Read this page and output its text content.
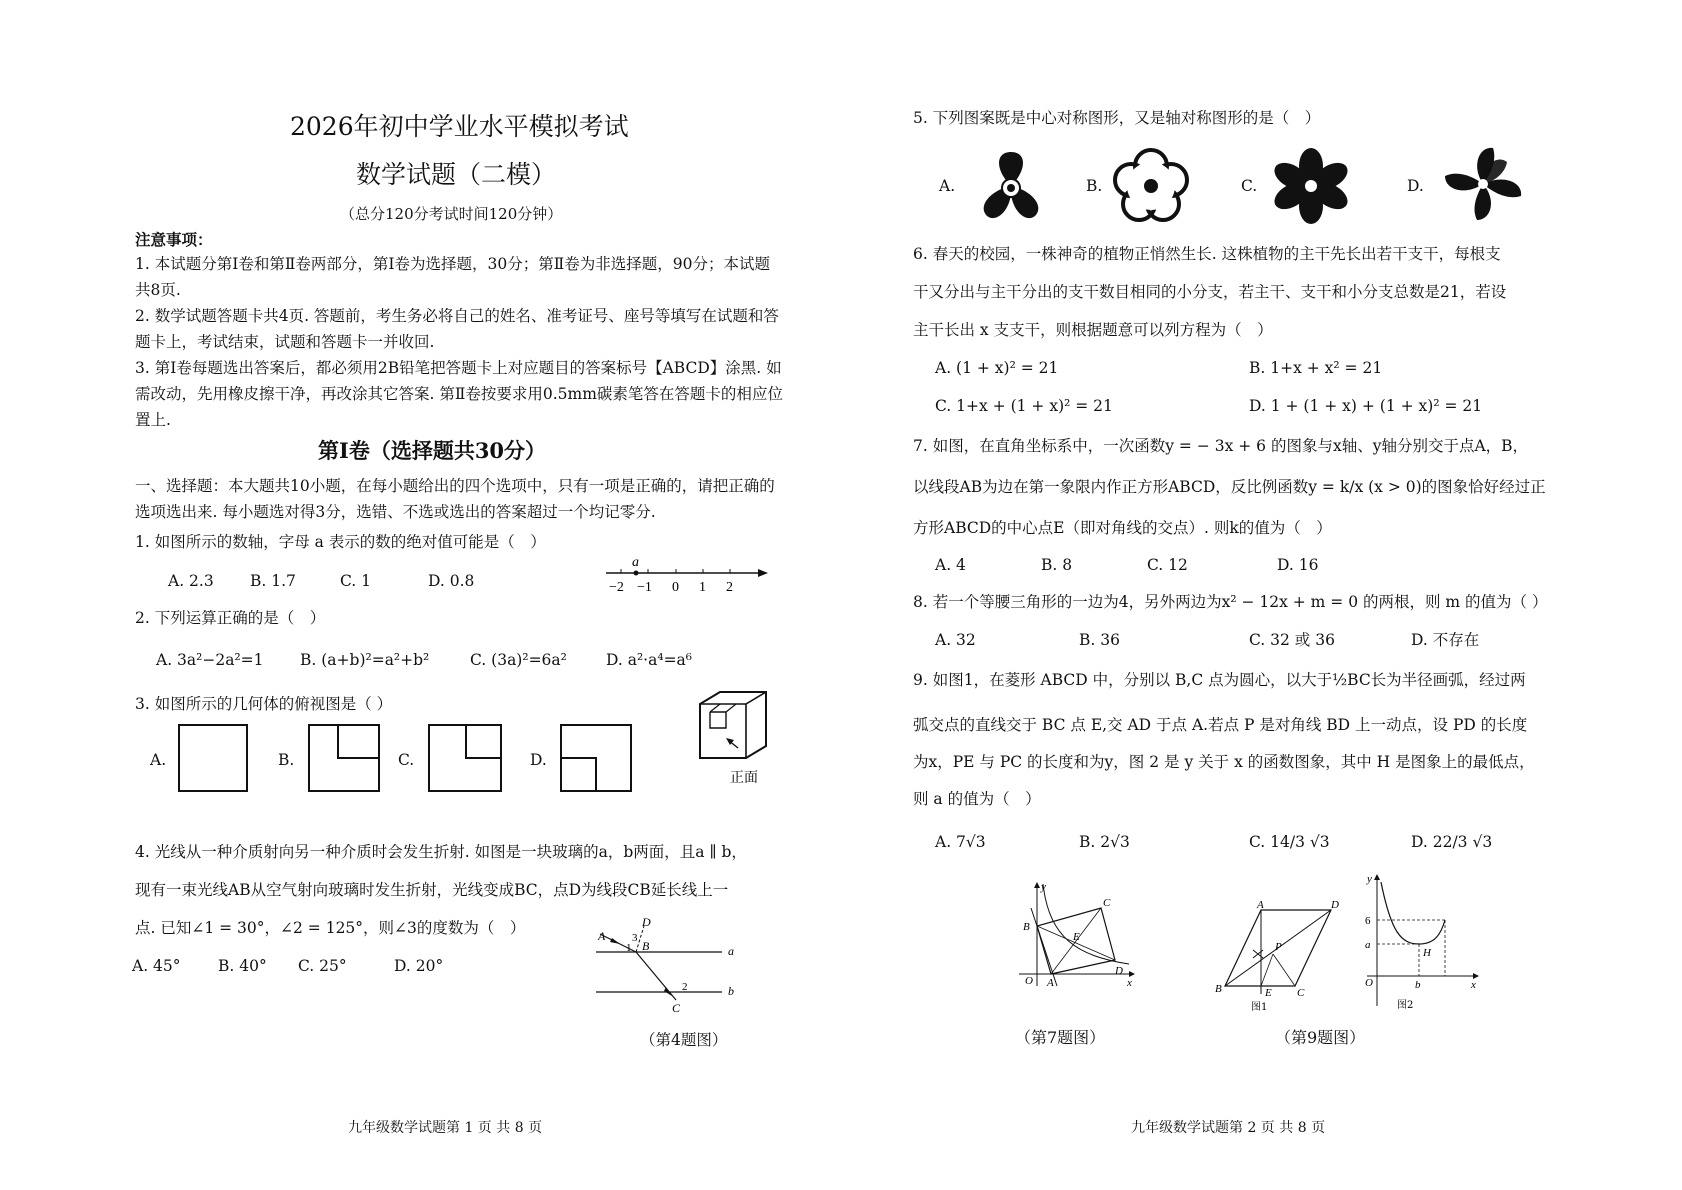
2026年初中学业水平模拟考试
数学试题（二模）
（总分120分考试时间120分钟）
注意事项：
1. 本试题分第Ⅰ卷和第Ⅱ卷两部分，第Ⅰ卷为选择题，30分；第Ⅱ卷为非选择题，90分；本试题共8页.
2. 数学试题答题卡共4页. 答题前，考生务必将自己的姓名、准考证号、座号等填写在试题和答题卡上，考试结束，试题和答题卡一并收回.
3. 第Ⅰ卷每题选出答案后，都必须用2B铅笔把答题卡上对应题目的答案标号【ABCD】涂黑. 如需改动，先用橡皮擦干净，再改涂其它答案. 第Ⅱ卷按要求用0.5mm碳素笔答在答题卡的相应位置上.
第Ⅰ卷（选择题共30分）
一、选择题：本大题共10小题，在每小题给出的四个选项中，只有一项是正确的，请把正确的选项选出来. 每小题选对得3分，选错、不选或选出的答案超过一个均记零分.
1. 如图所示的数轴，字母 a 表示的数的绝对值可能是（　）
A. 2.3 B. 1.7	C. 1	D. 0.8
a
−2 −1 0 1 2
2. 下列运算正确的是（　）
A. 3a²−2a²=1 B. (a+b)²=a²+b²	C. (3a)²=6a²	D. a²·a⁴=a⁶
3. 如图所示的几何体的俯视图是（ ）
A.	B.	C.	D.
正面
4. 光线从一种介质射向另一种介质时会发生折射. 如图是一块玻璃的a，b两面，且a ∥ b，
现有一束光线AB从空气射向玻璃时发生折射，光线变成BC，点D为线段CB延长线上一
点. 已知∠1 = 30°，∠2 = 125°，则∠3的度数为（　）
A. 45° B. 40° C. 25°	D. 20°
A
D
3
1 B	a
2
C
b
（第4题图）
九年级数学试题第 1 页 共 8 页
5. 下列图案既是中心对称图形，又是轴对称图形的是（　）
A.	B.	C.	D.
6. 春天的校园，一株神奇的植物正悄然生长. 这株植物的主干先长出若干支干，每根支
干又分出与主干分出的支干数目相同的小分支，若主干、支干和小分支总数是21，若设
主干长出 x 支支干，则根据题意可以列方程为（　）
A. (1 + x)² = 21	B. 1+x + x² = 21
C. 1+x + (1 + x)² = 21	D. 1 + (1 + x) + (1 + x)² = 21
7. 如图，在直角坐标系中，一次函数y = − 3x + 6 的图象与x轴、y轴分别交于点A，B，
以线段AB为边在第一象限内作正方形ABCD，反比例函数y = k/x (x > 0)的图象恰好经过正
方形ABCD的中心点E（即对角线的交点）. 则k的值为（　）
A. 4	B. 8	C. 12	D. 16
8. 若一个等腰三角形的一边为4，另外两边为x² − 12x + m = 0 的两根，则 m 的值为（ ）
A. 32	B. 36	C. 32 或 36	D. 不存在
9. 如图1，在菱形 ABCD 中，分别以 B,C 点为圆心，以大于½BC长为半径画弧，经过两
弧交点的直线交于 BC 点 E,交 AD 于点 A.若点 P 是对角线 BD 上一动点，设 PD 的长度
为x，PE 与 PC 的长度和为y，图 2 是 y 关于 x 的函数图象，其中 H 是图象上的最低点，
则 a 的值为（　）
A. 7√3	B. 2√3	C. 14/3 √3	D. 22/3 √3
y
B
C
E
D
O A	x
A	D
P
B	E C
图1
y
6
a
H
O	b	x
图2
（第7题图）	（第9题图）
九年级数学试题第 2 页 共 8 页
